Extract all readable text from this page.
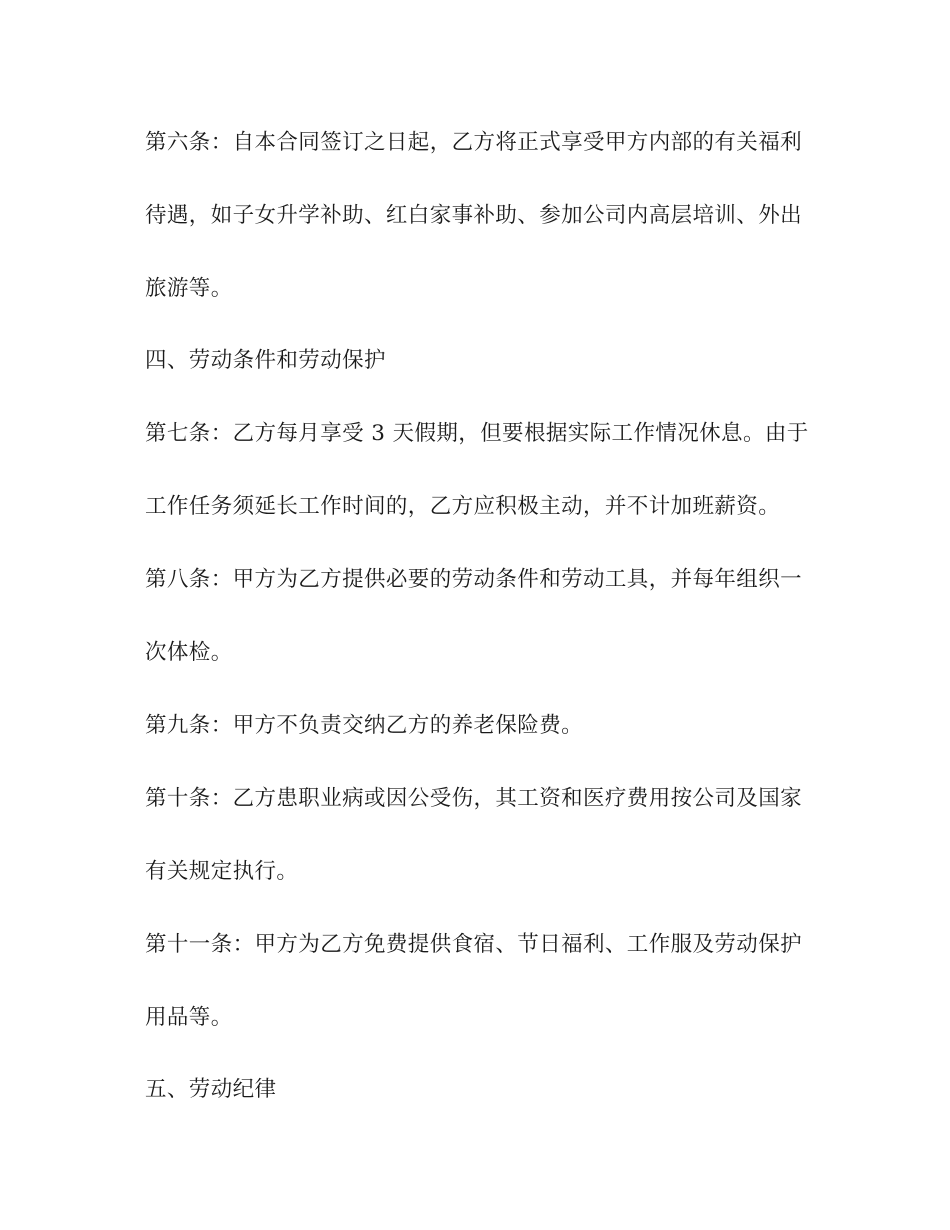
第六条：自本合同签订之日起，乙方将正式享受甲方内部的有关福利
待遇，如子女升学补助、红白家事补助、参加公司内高层培训、外出
旅游等。
四、劳动条件和劳动保护
第七条：乙方每月享受 3 天假期，但要根据实际工作情况休息。由于
工作任务须延长工作时间的，乙方应积极主动，并不计加班薪资。
第八条：甲方为乙方提供必要的劳动条件和劳动工具，并每年组织一
次体检。
第九条：甲方不负责交纳乙方的养老保险费。
第十条：乙方患职业病或因公受伤，其工资和医疗费用按公司及国家
有关规定执行。
第十一条：甲方为乙方免费提供食宿、节日福利、工作服及劳动保护
用品等。
五、劳动纪律
